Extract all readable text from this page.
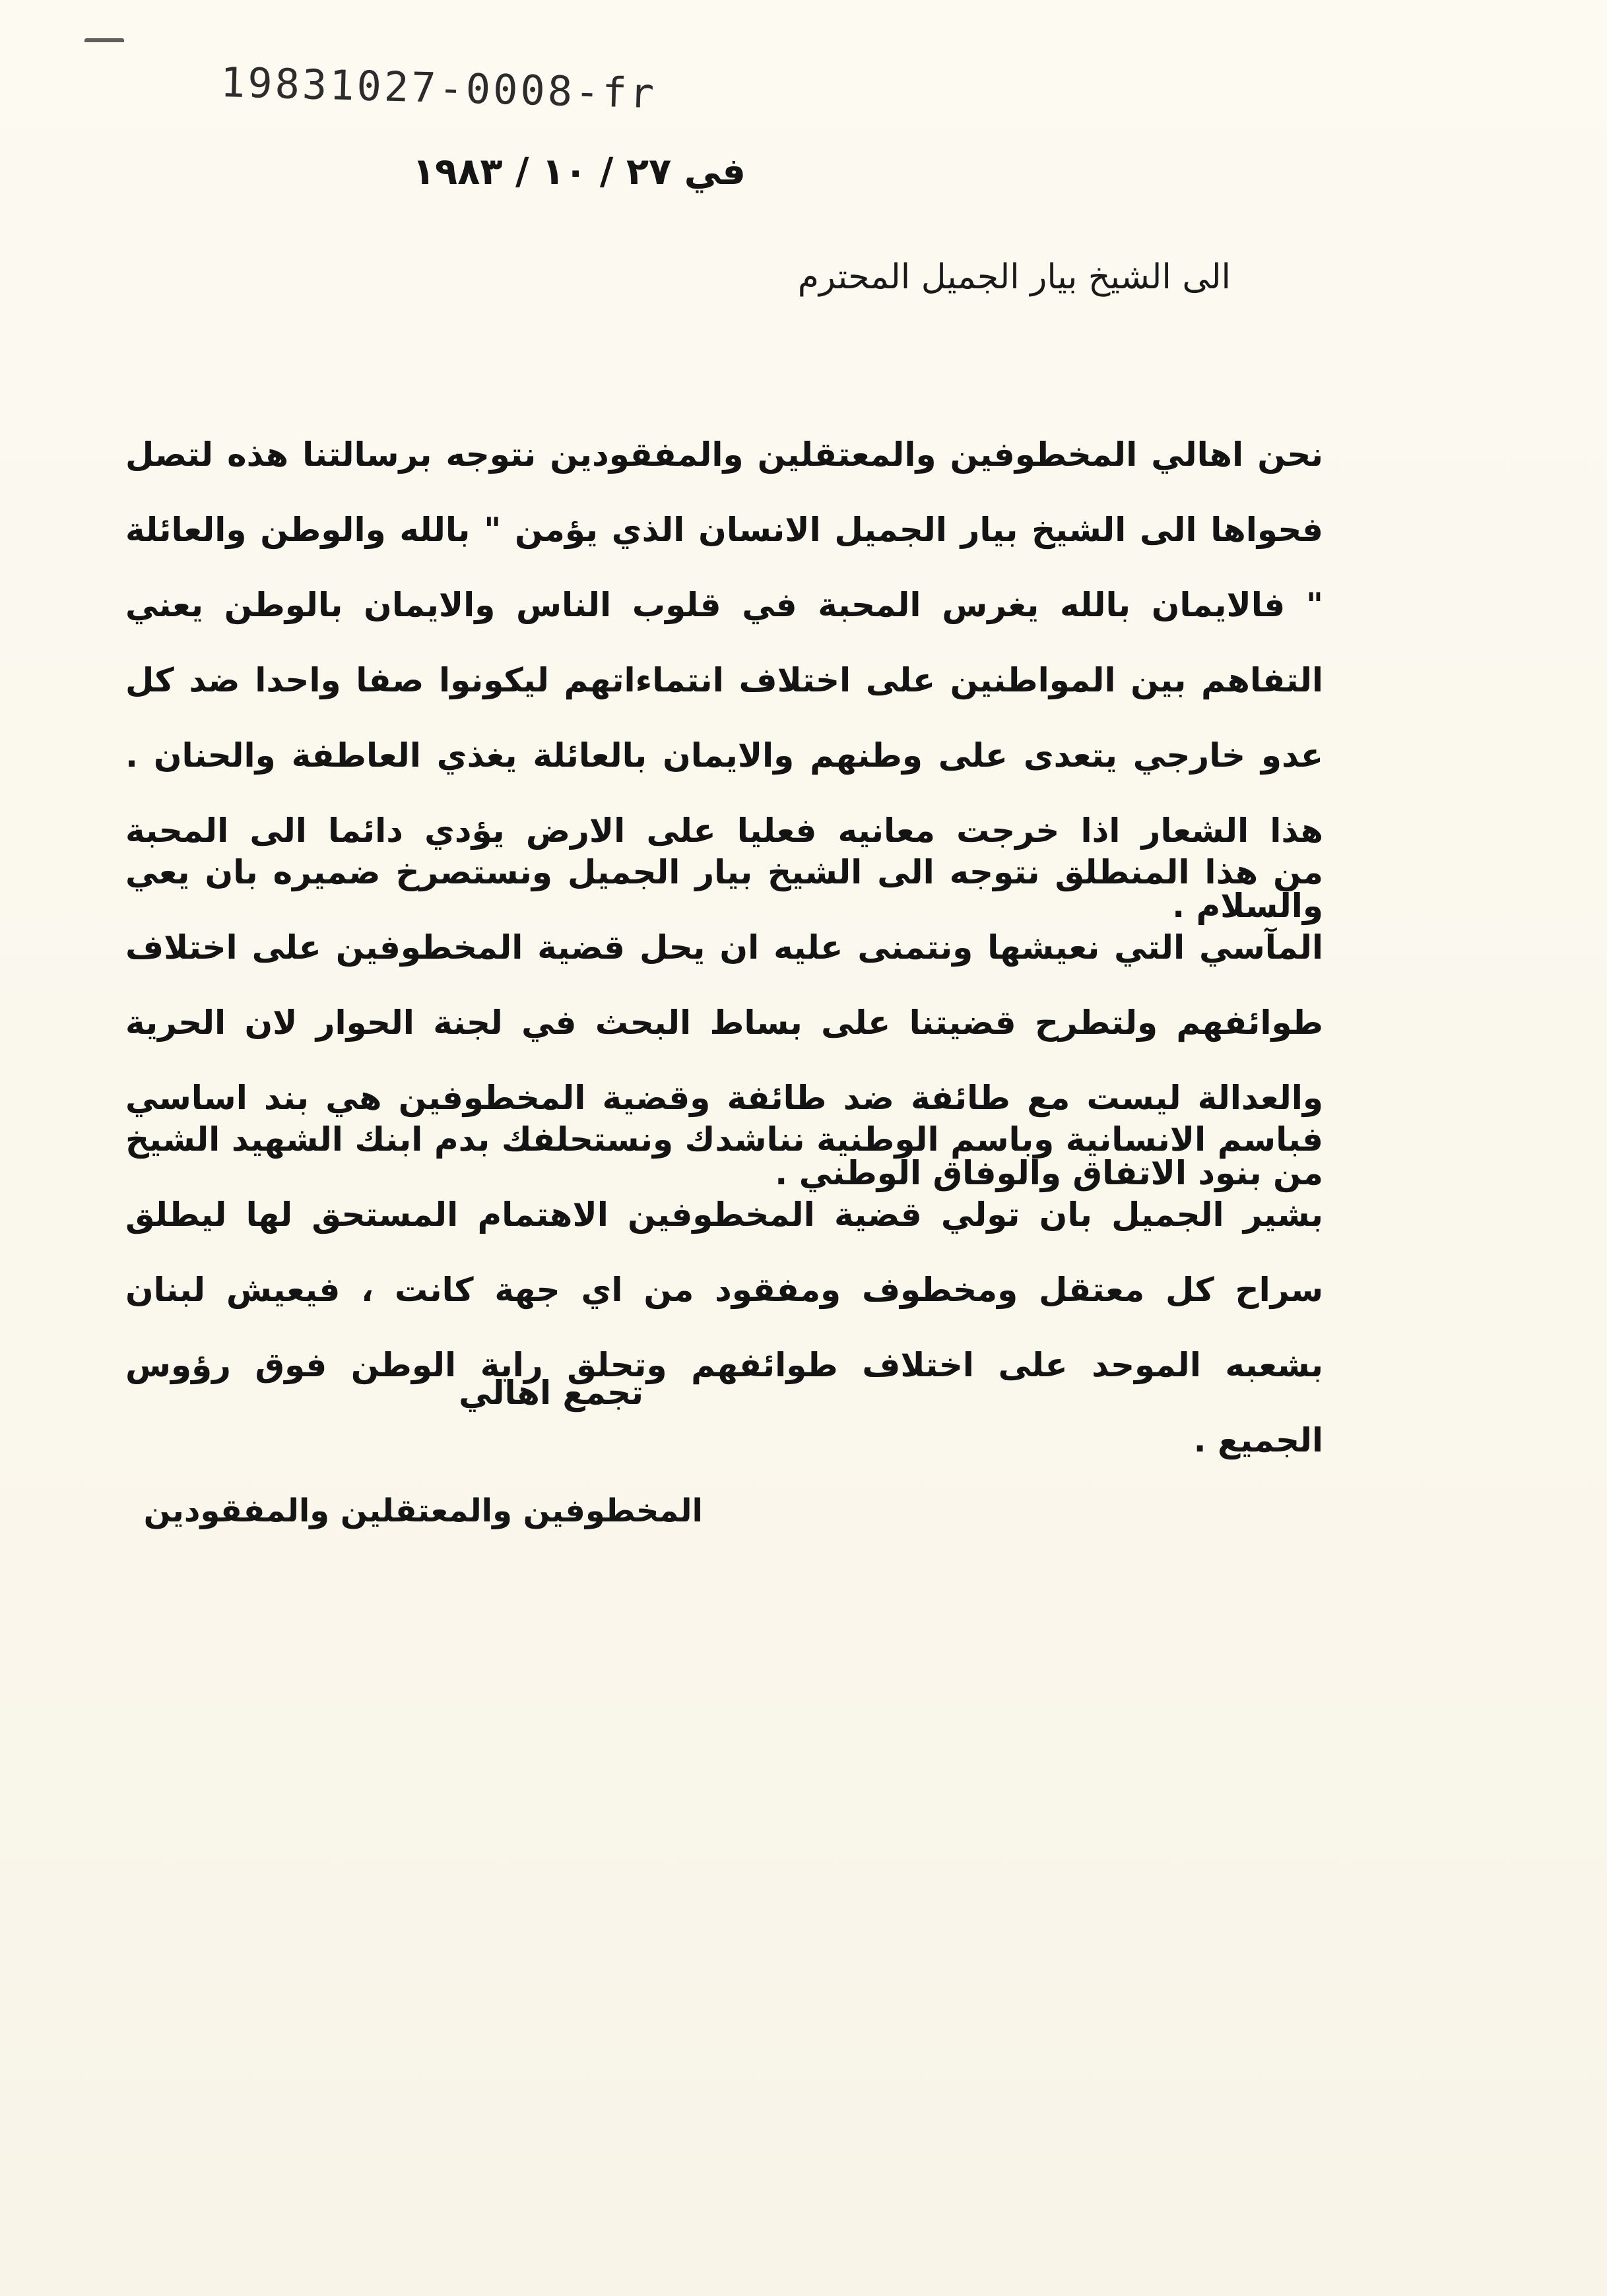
19831027-0008-fr
في ٢٧ / ١٠ / ١٩٨٣
الى الشيخ بيار الجميل المحترم
نحن اهالي المخطوفين والمعتقلين والمفقودين نتوجه برسالتنا هذه لتصل فحواها الى الشيخ بيار الجميل الانسان الذي يؤمن " بالله والوطن والعائلة " فالايمان بالله يغرس المحبة في قلوب الناس والايمان بالوطن يعني التفاهم بين المواطنين على اختلاف انتماءاتهم ليكونوا صفا واحدا ضد كل عدو خارجي يتعدى على وطنهم والايمان بالعائلة يغذي العاطفة والحنان . هذا الشعار اذا خرجت معانيه فعليا على الارض يؤدي دائما الى المحبة والسلام .
من هذا المنطلق نتوجه الى الشيخ بيار الجميل ونستصرخ ضميره بان يعي المآسي التي نعيشها ونتمنى عليه ان يحل قضية المخطوفين على اختلاف طوائفهم ولتطرح قضيتنا على بساط البحث في لجنة الحوار لان الحرية والعدالة ليست مع طائفة ضد طائفة وقضية المخطوفين هي بند اساسي من بنود الاتفاق والوفاق الوطني .
فباسم الانسانية وباسم الوطنية نناشدك ونستحلفك بدم ابنك الشهيد الشيخ بشير الجميل بان تولي قضية المخطوفين الاهتمام المستحق لها ليطلق سراح كل معتقل ومخطوف ومفقود من اي جهة كانت ، فيعيش لبنان بشعبه الموحد على اختلاف طوائفهم وتحلق راية الوطن فوق رؤوس الجميع .
تجمع اهالي
المخطوفين والمعتقلين والمفقودين
